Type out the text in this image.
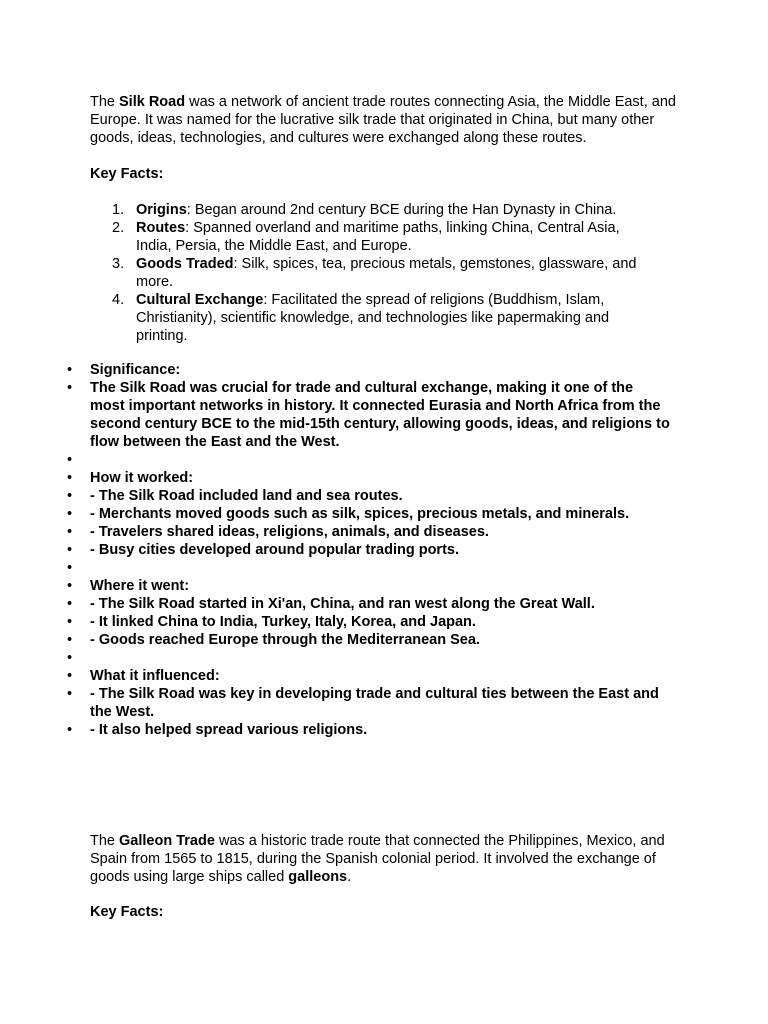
The Silk Road was a network of ancient trade routes connecting Asia, the Middle East, and Europe. It was named for the lucrative silk trade that originated in China, but many other goods, ideas, technologies, and cultures were exchanged along these routes.

Key Facts:

1. Origins: Began around 2nd century BCE during the Han Dynasty in China.
2. Routes: Spanned overland and maritime paths, linking China, Central Asia, India, Persia, the Middle East, and Europe.
3. Goods Traded: Silk, spices, tea, precious metals, gemstones, glassware, and more.
4. Cultural Exchange: Facilitated the spread of religions (Buddhism, Islam, Christianity), scientific knowledge, and technologies like papermaking and printing.
• Significance:
• The Silk Road was crucial for trade and cultural exchange, making it one of the most important networks in history. It connected Eurasia and North Africa from the second century BCE to the mid-15th century, allowing goods, ideas, and religions to flow between the East and the West.
•
• How it worked:
• - The Silk Road included land and sea routes.
• - Merchants moved goods such as silk, spices, precious metals, and minerals.
• - Travelers shared ideas, religions, animals, and diseases.
• - Busy cities developed around popular trading ports.
•
• Where it went:
• - The Silk Road started in Xi'an, China, and ran west along the Great Wall.
• - It linked China to India, Turkey, Italy, Korea, and Japan.
• - Goods reached Europe through the Mediterranean Sea.
•
• What it influenced:
• - The Silk Road was key in developing trade and cultural ties between the East and the West.
• - It also helped spread various religions.

The Galleon Trade was a historic trade route that connected the Philippines, Mexico, and Spain from 1565 to 1815, during the Spanish colonial period. It involved the exchange of goods using large ships called galleons.

Key Facts:
